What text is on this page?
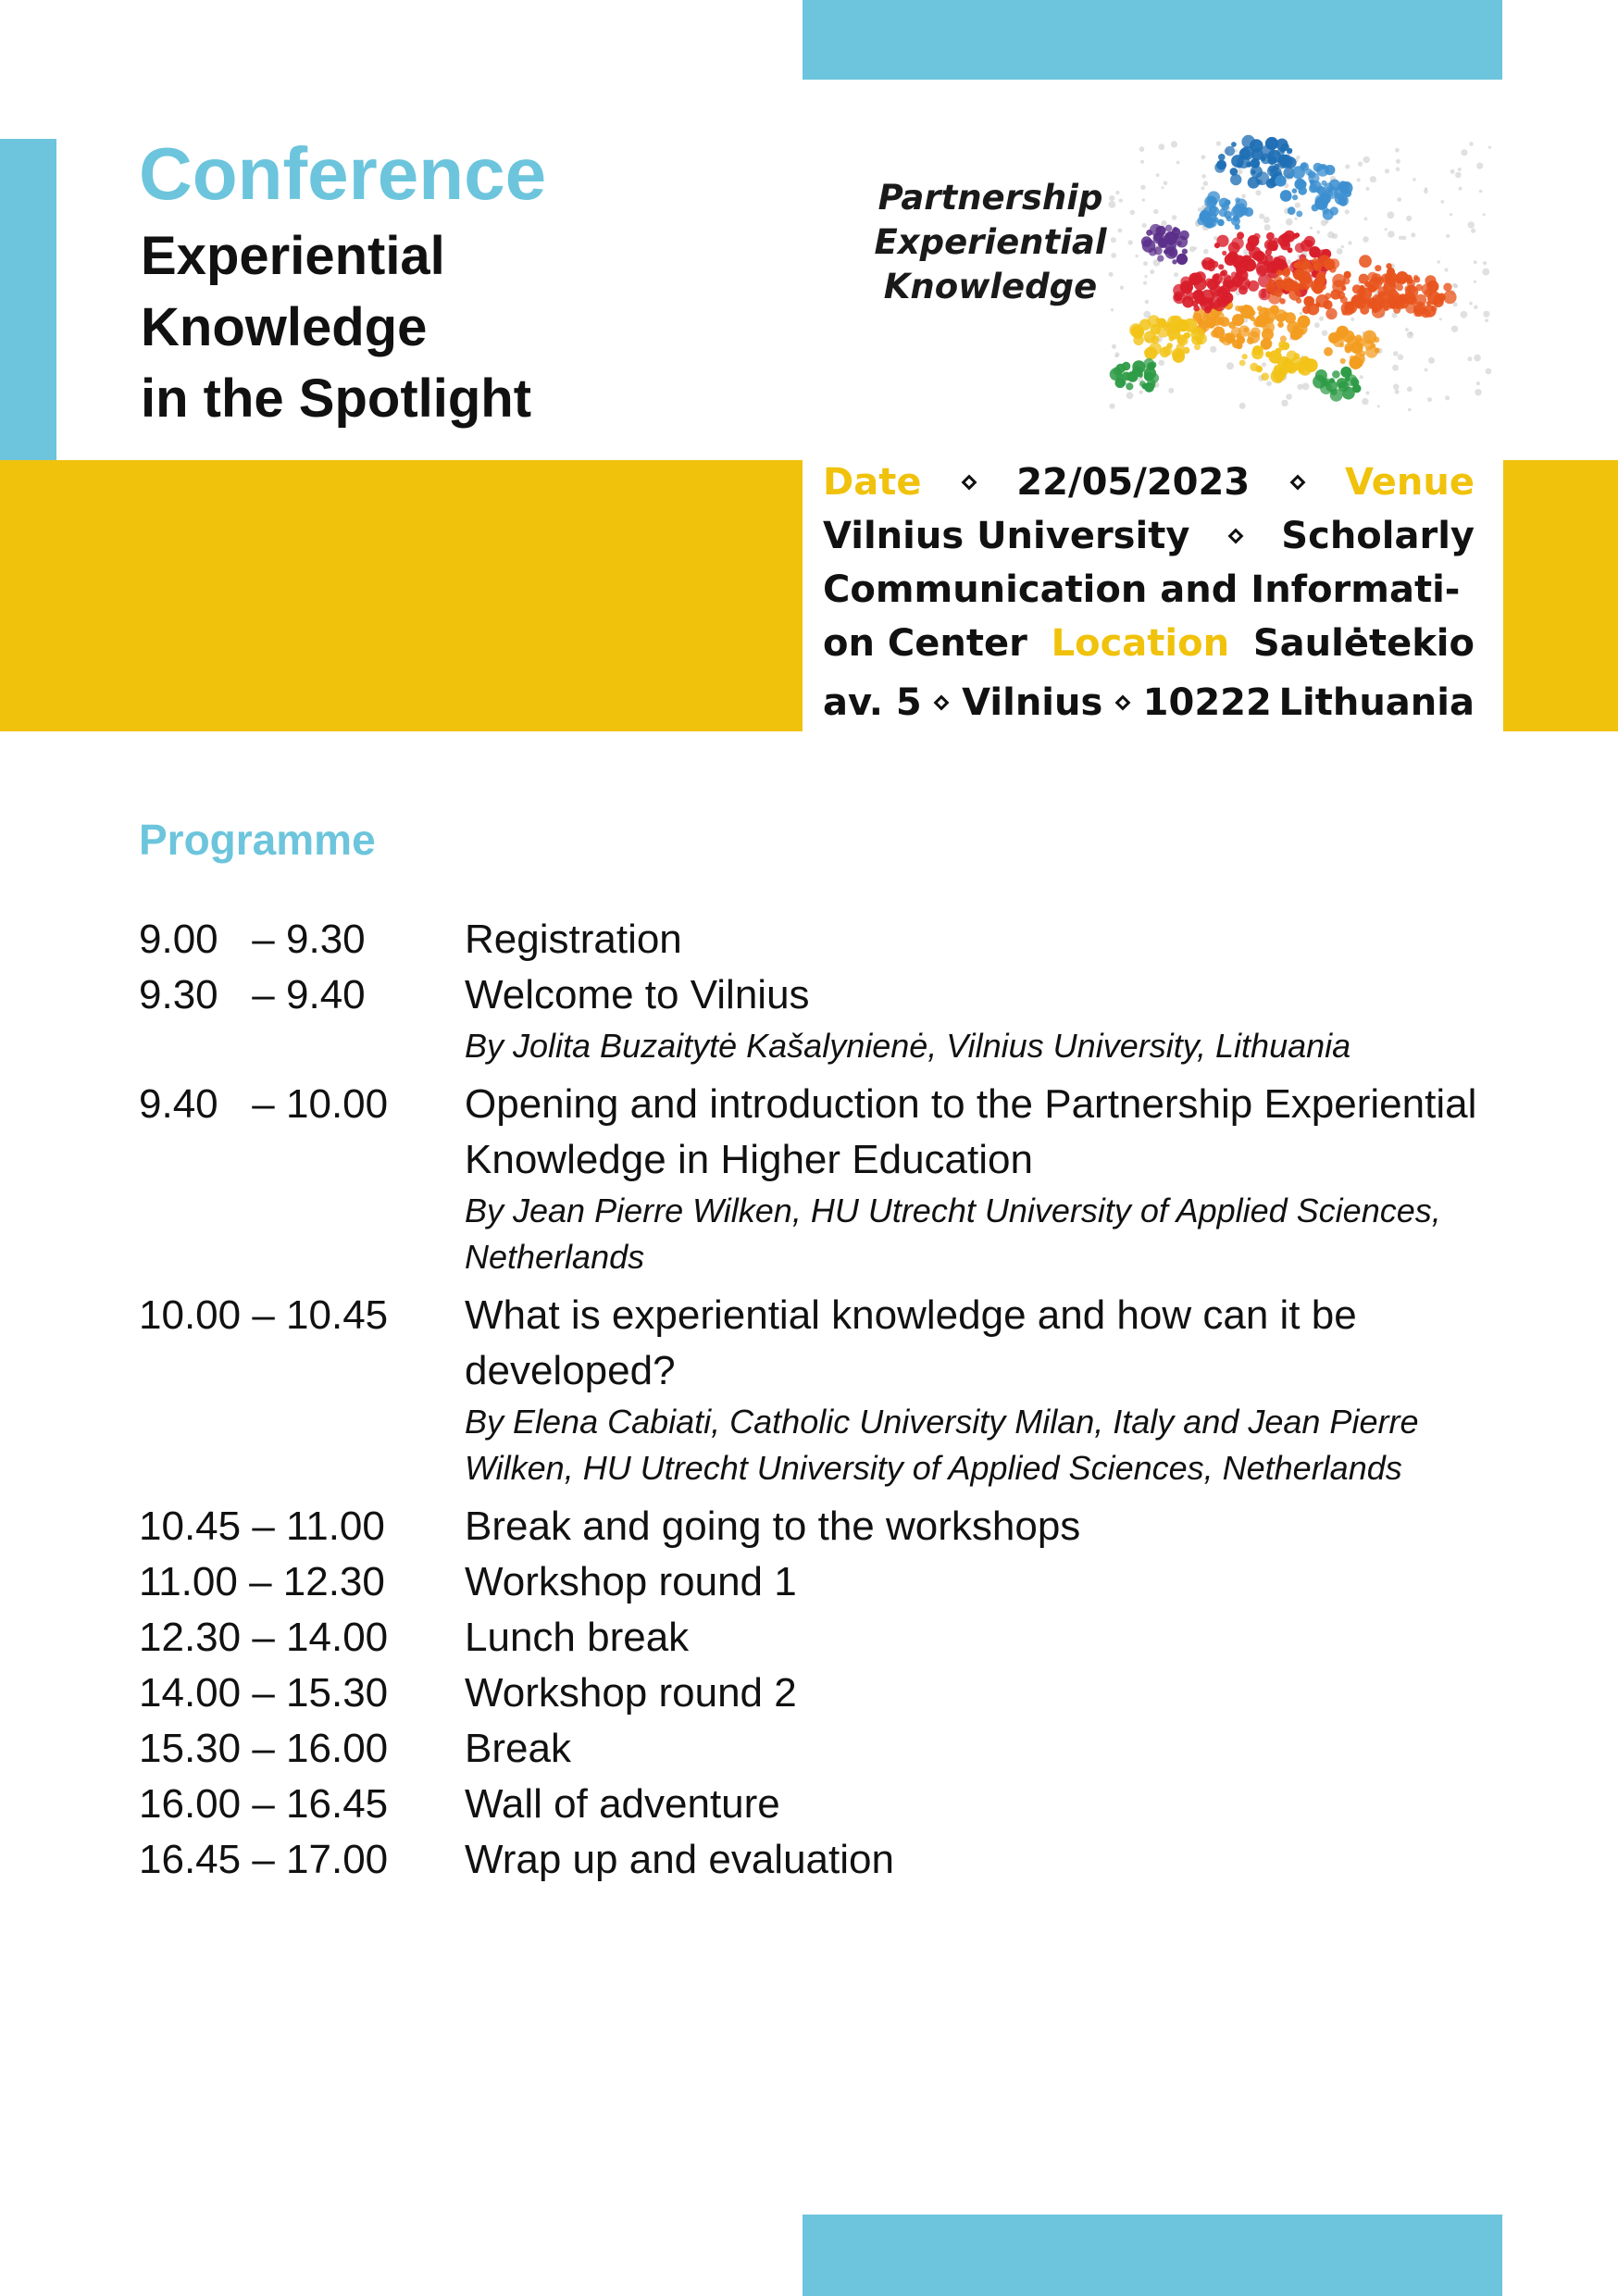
Conference
Experiential
Knowledge
in the Spotlight
Partnership
Experiential
Knowledge
Date	22/05/2023	Venue
Vilnius University Scholarly
Communication and Informati-
on Center Location Saulėtekio
av. 5 Vilnius 10222 Lithuania
Programme
9.00   – 9.30	Registration
9.30   – 9.40	Welcome to Vilnius
By Jolita Buzaitytė Kašalynienė, Vilnius University, Lithuania
9.40   – 10.00	Opening and introduction to the Partnership Experiential Knowledge in Higher Education
By Jean Pierre Wilken, HU Utrecht University of Applied Sciences, Netherlands
10.00 – 10.45	What is experiential knowledge and how can it be developed?
By Elena Cabiati, Catholic University Milan, Italy and Jean Pierre Wilken, HU Utrecht University of Applied Sciences, Netherlands
10.45 – 11.00	Break and going to the workshops
11.00 – 12.30	Workshop round 1
12.30 – 14.00	Lunch break
14.00 – 15.30	Workshop round 2
15.30 – 16.00	Break
16.00 – 16.45	Wall of adventure
16.45 – 17.00	Wrap up and evaluation
